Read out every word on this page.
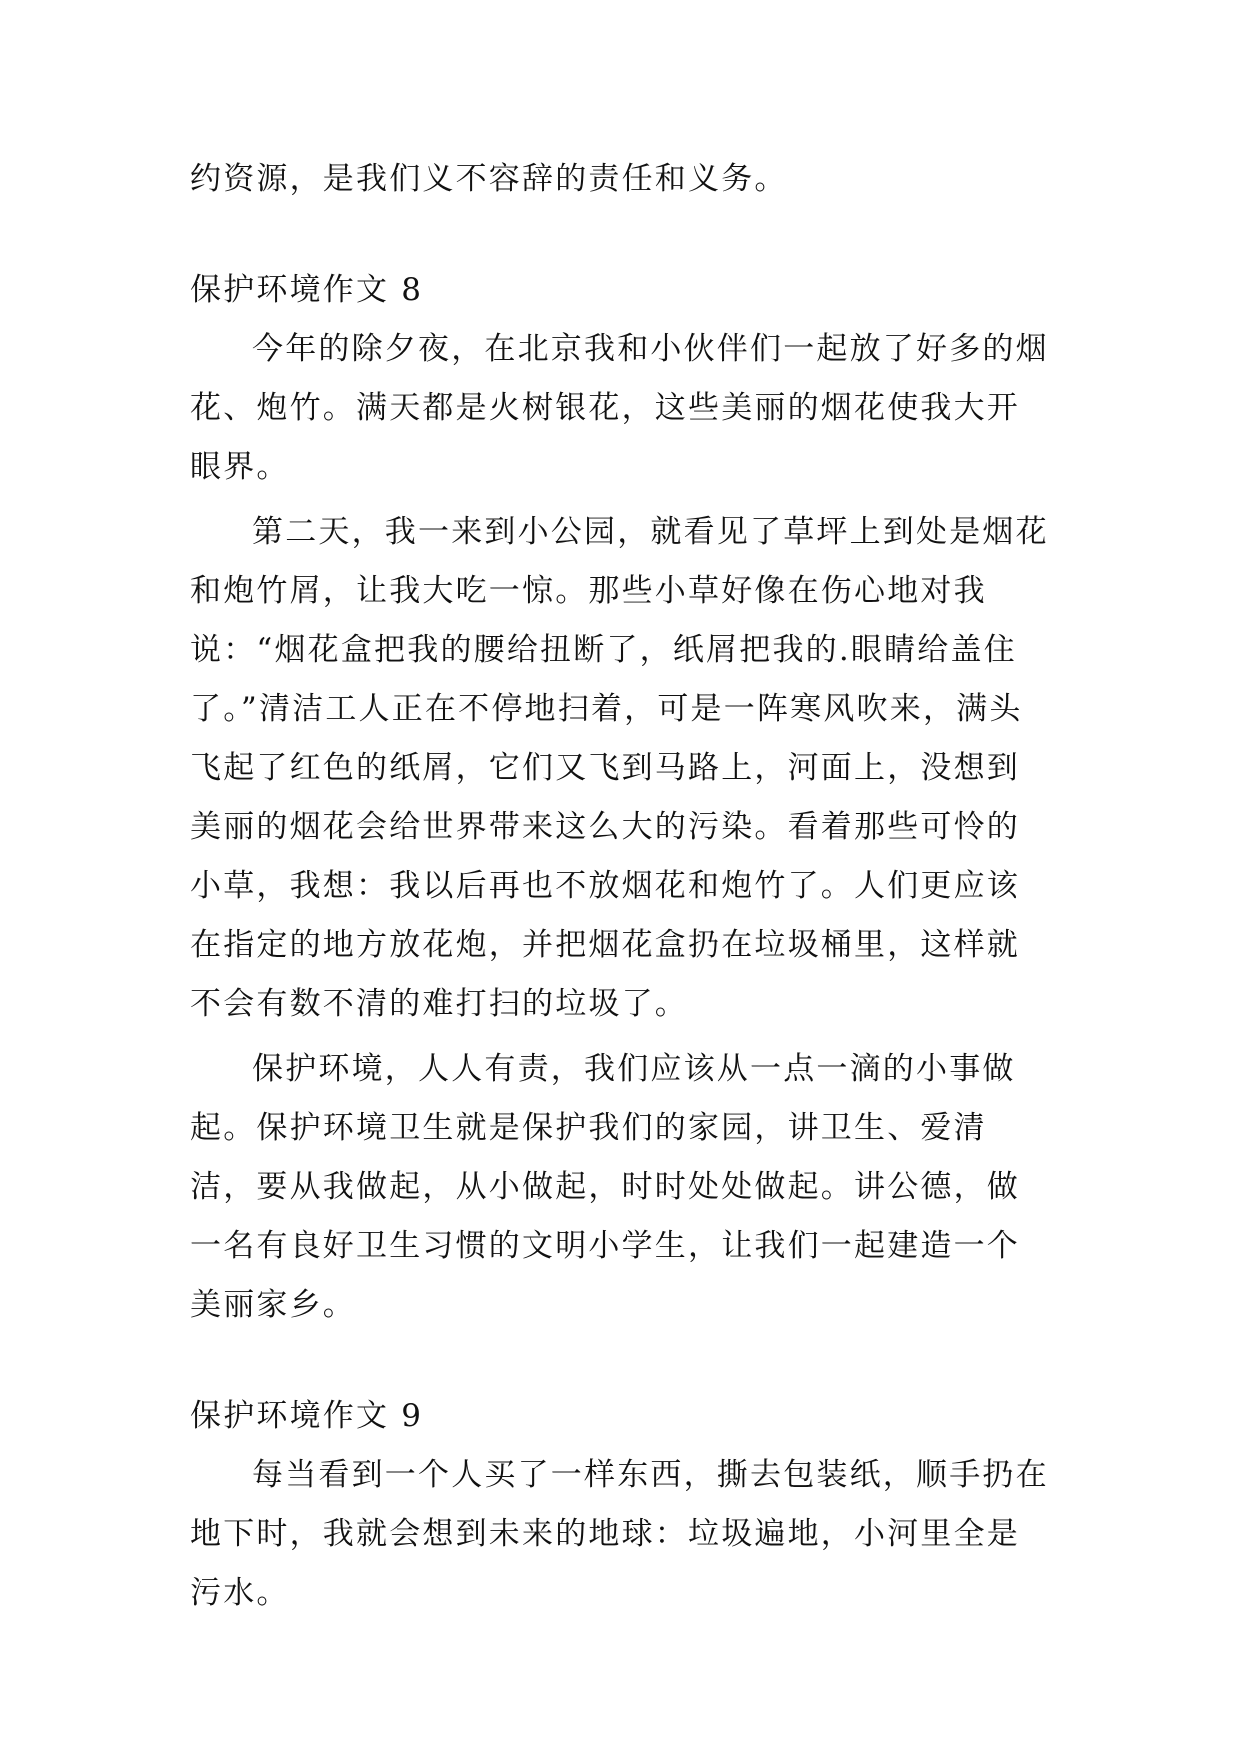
约资源，是我们义不容辞的责任和义务。

保护环境作文 8

今年的除夕夜，在北京我和小伙伴们一起放了好多的烟花、炮竹。满天都是火树银花，这些美丽的烟花使我大开眼界。

第二天，我一来到小公园，就看见了草坪上到处是烟花和炮竹屑，让我大吃一惊。那些小草好像在伤心地对我说：“烟花盒把我的腰给扭断了，纸屑把我的.眼睛给盖住了。”清洁工人正在不停地扫着，可是一阵寒风吹来，满头飞起了红色的纸屑，它们又飞到马路上，河面上，没想到美丽的烟花会给世界带来这么大的污染。看着那些可怜的小草，我想：我以后再也不放烟花和炮竹了。人们更应该在指定的地方放花炮，并把烟花盒扔在垃圾桶里，这样就不会有数不清的难打扫的垃圾了。

保护环境，人人有责，我们应该从一点一滴的小事做起。保护环境卫生就是保护我们的家园，讲卫生、爱清洁，要从我做起，从小做起，时时处处做起。讲公德，做一名有良好卫生习惯的文明小学生，让我们一起建造一个美丽家乡。

保护环境作文 9

每当看到一个人买了一样东西，撕去包装纸，顺手扔在地下时，我就会想到未来的地球：垃圾遍地，小河里全是污水。
